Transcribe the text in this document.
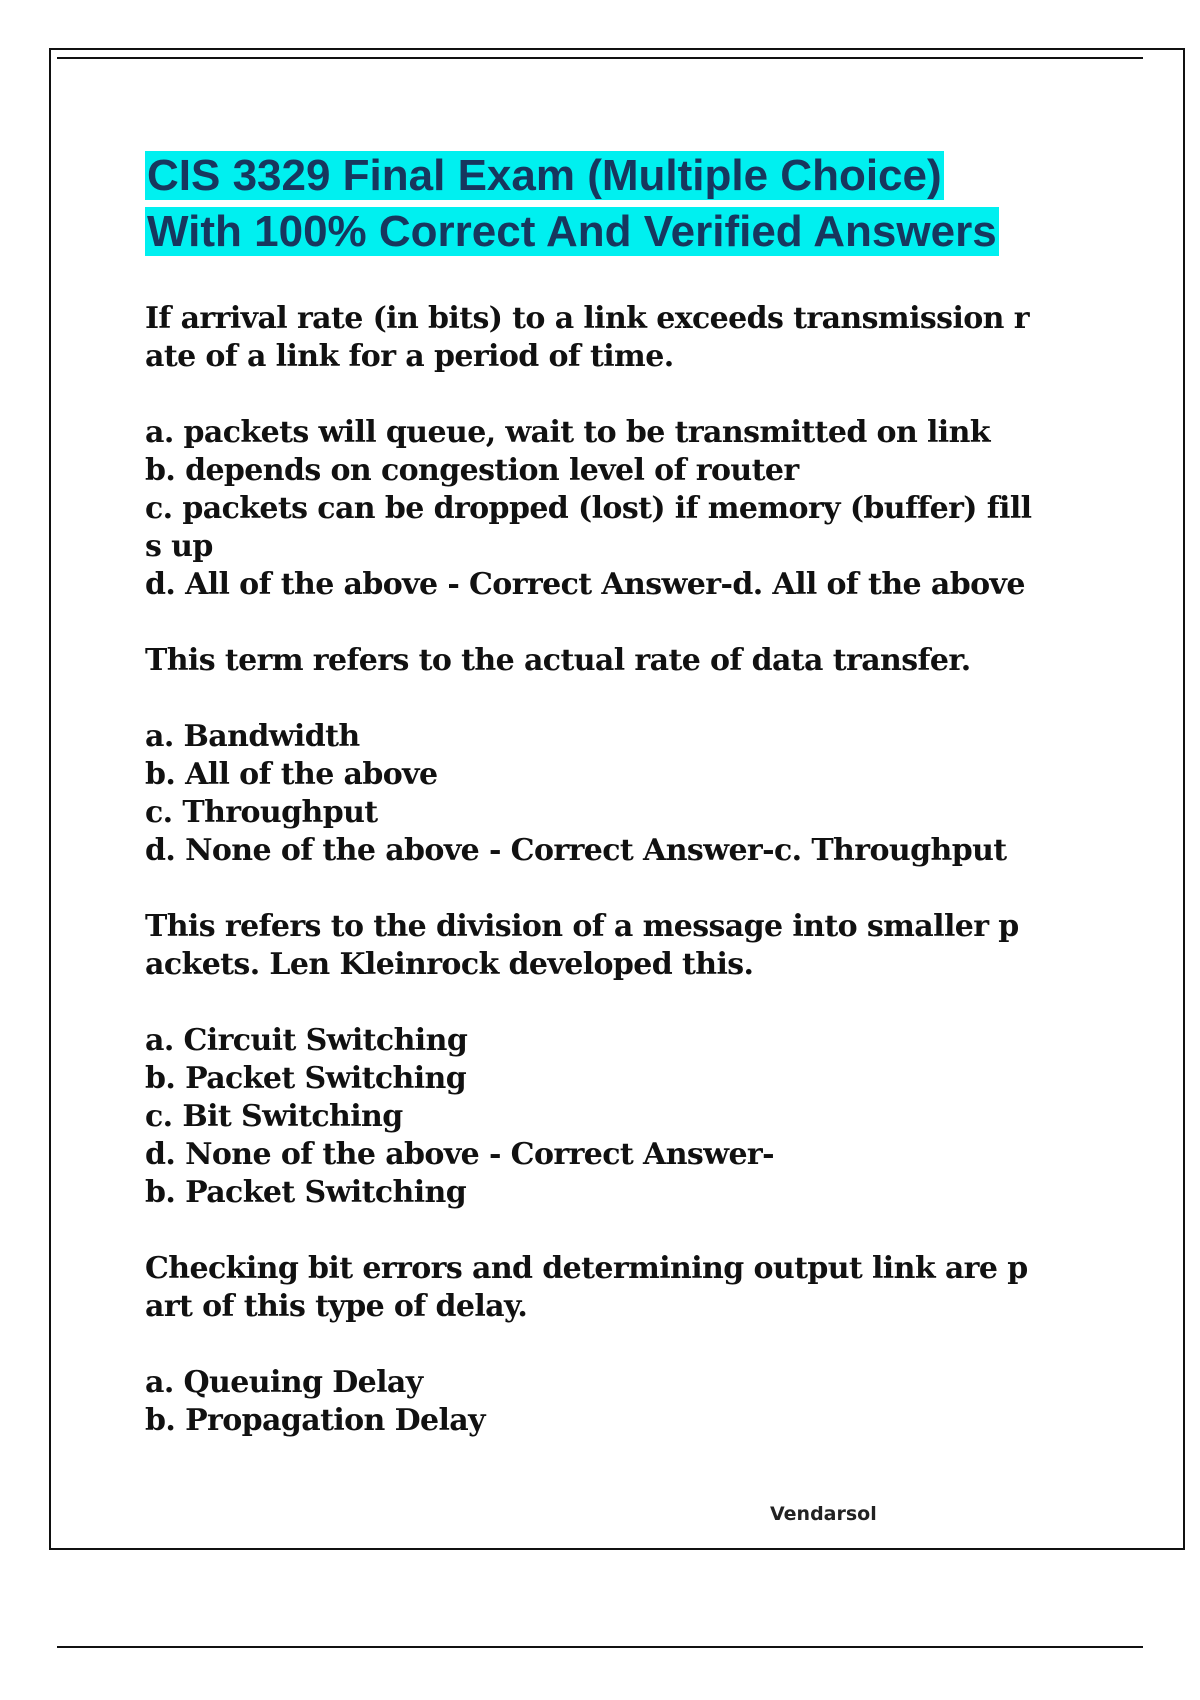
CIS 3329 Final Exam (Multiple Choice)
With 100% Correct And Verified Answers
If arrival rate (in bits) to a link exceeds transmission r
ate of a link for a period of time.
a. packets will queue, wait to be transmitted on link
b. depends on congestion level of router
c. packets can be dropped (lost) if memory (buffer) fill
s up
d. All of the above - Correct Answer-d. All of the above
This term refers to the actual rate of data transfer.
a. Bandwidth
b. All of the above
c. Throughput
d. None of the above - Correct Answer-c. Throughput
This refers to the division of a message into smaller p
ackets. Len Kleinrock developed this.
a. Circuit Switching
b. Packet Switching
c. Bit Switching
d. None of the above - Correct Answer-
b. Packet Switching
Checking bit errors and determining output link are p
art of this type of delay.
a. Queuing Delay
b. Propagation Delay
Vendarsol
